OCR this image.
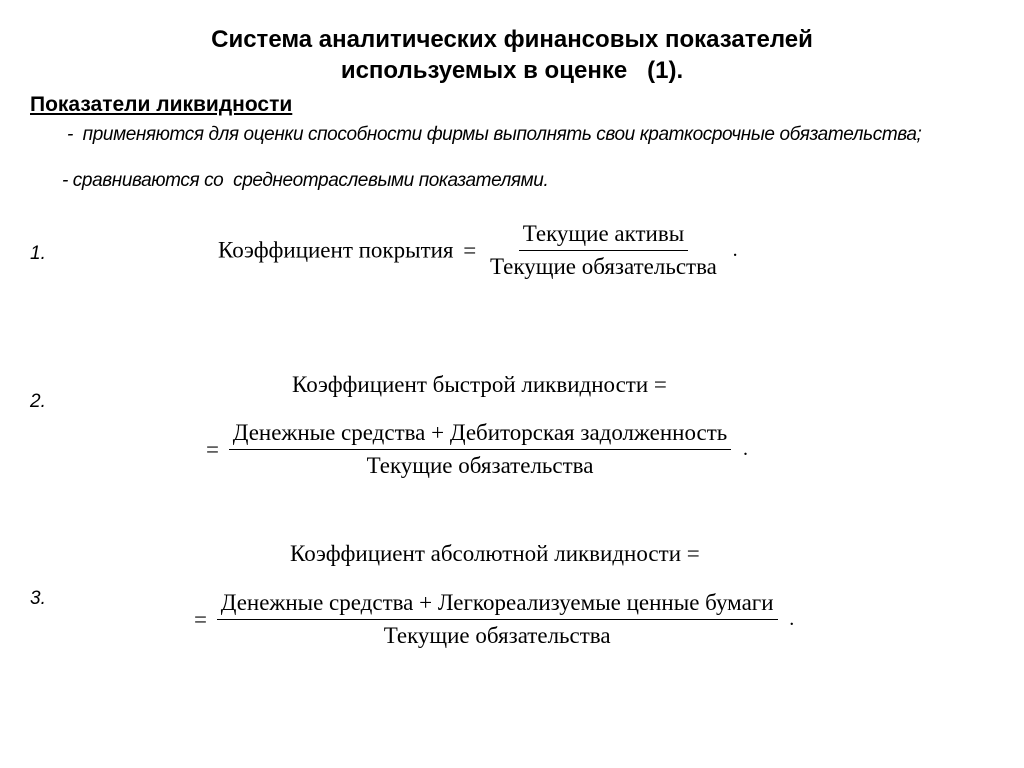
Система аналитических финансовых показателей
используемых в оценке   (1).
Показатели ликвидности
-  применяются для оценки способности фирмы выполнять свои краткосрочные обязательства;
- сравниваются со  среднеотраслевыми показателями.
1.	Коэффициент покрытия = $\frac{\text{Текущие активы}}{\text{Текущие обязательства}}$ .
2.
Коэффициент быстрой ликвидности =
= $\frac{\text{Денежные средства + Дебиторская задолженность}}{\text{Текущие обязательства}}$ .
3.
Коэффициент абсолютной ликвидности =
= $\frac{\text{Денежные средства + Легкореализуемые ценные бумаги}}{\text{Текущие обязательства}}$ .
